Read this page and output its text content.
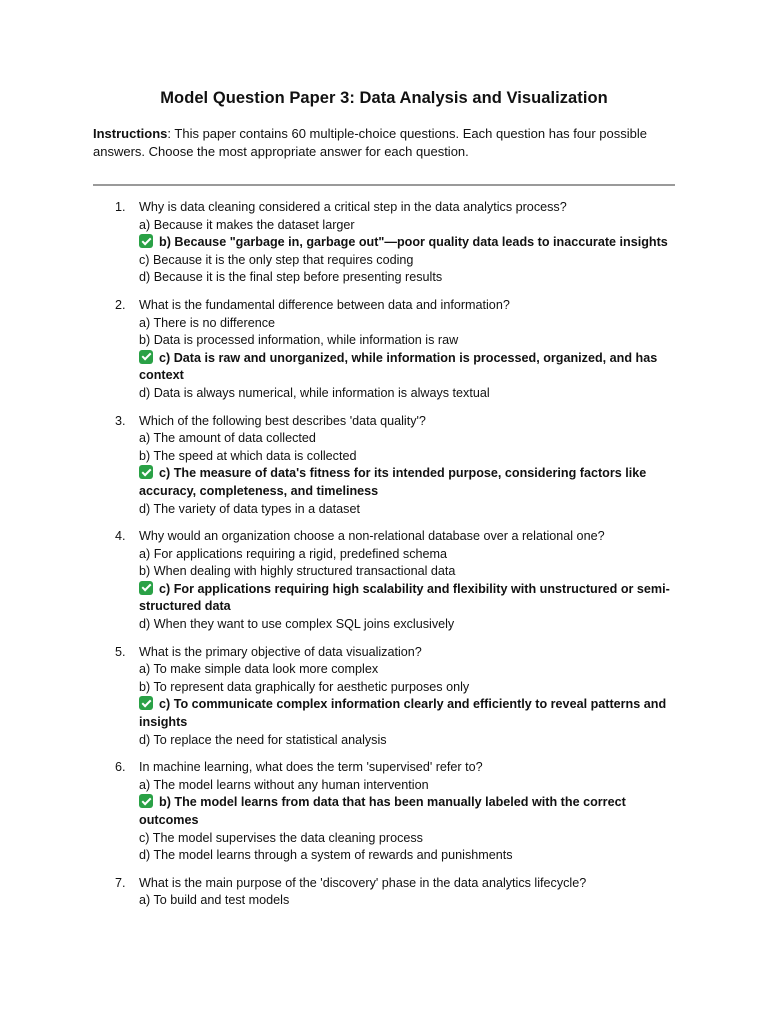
Model Question Paper 3: Data Analysis and Visualization

Instructions: This paper contains 60 multiple-choice questions. Each question has four possible answers. Choose the most appropriate answer for each question.

1. Why is data cleaning considered a critical step in the data analytics process?
a) Because it makes the dataset larger
b) Because "garbage in, garbage out"—poor quality data leads to inaccurate insights
c) Because it is the only step that requires coding
d) Because it is the final step before presenting results
2. What is the fundamental difference between data and information?
a) There is no difference
b) Data is processed information, while information is raw
c) Data is raw and unorganized, while information is processed, organized, and has context
d) Data is always numerical, while information is always textual
3. Which of the following best describes 'data quality'?
a) The amount of data collected
b) The speed at which data is collected
c) The measure of data's fitness for its intended purpose, considering factors like accuracy, completeness, and timeliness
d) The variety of data types in a dataset
4. Why would an organization choose a non-relational database over a relational one?
a) For applications requiring a rigid, predefined schema
b) When dealing with highly structured transactional data
c) For applications requiring high scalability and flexibility with unstructured or semi-structured data
d) When they want to use complex SQL joins exclusively
5. What is the primary objective of data visualization?
a) To make simple data look more complex
b) To represent data graphically for aesthetic purposes only
c) To communicate complex information clearly and efficiently to reveal patterns and insights
d) To replace the need for statistical analysis
6. In machine learning, what does the term 'supervised' refer to?
a) The model learns without any human intervention
b) The model learns from data that has been manually labeled with the correct outcomes
c) The model supervises the data cleaning process
d) The model learns through a system of rewards and punishments
7. What is the main purpose of the 'discovery' phase in the data analytics lifecycle?
a) To build and test models
